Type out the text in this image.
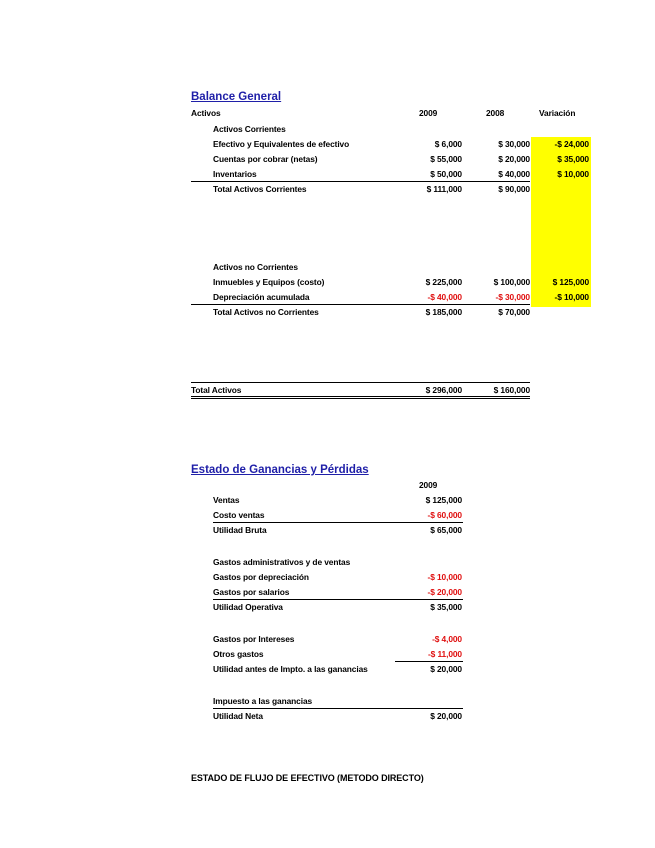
Balance General
Activos	2009	2008	Variación
Activos Corrientes
Efectivo y Equivalentes de efectivo	$ 6,000	$ 30,000	-$ 24,000
Cuentas por cobrar (netas)	$ 55,000	$ 20,000	$ 35,000
Inventarios	$ 50,000	$ 40,000	$ 10,000
Total Activos Corrientes	$ 111,000	$ 90,000
Activos no Corrientes
Inmuebles y Equipos (costo)	$ 225,000	$ 100,000	$ 125,000
Depreciación acumulada	-$ 40,000	-$ 30,000	-$ 10,000
Total Activos no Corrientes	$ 185,000	$ 70,000
Total Activos	$ 296,000	$ 160,000
Estado de Ganancias y Pérdidas
2009
Ventas	$ 125,000
Costo ventas	-$ 60,000
Utilidad Bruta	$ 65,000
Gastos administrativos y de ventas
Gastos por depreciación	-$ 10,000
Gastos por salarios	-$ 20,000
Utilidad Operativa	$ 35,000
Gastos por Intereses	-$ 4,000
Otros gastos	-$ 11,000
Utilidad antes de Impto. a las ganancias	$ 20,000
Impuesto a las ganancias
Utilidad Neta	$ 20,000
ESTADO DE FLUJO DE EFECTIVO (METODO DIRECTO)
